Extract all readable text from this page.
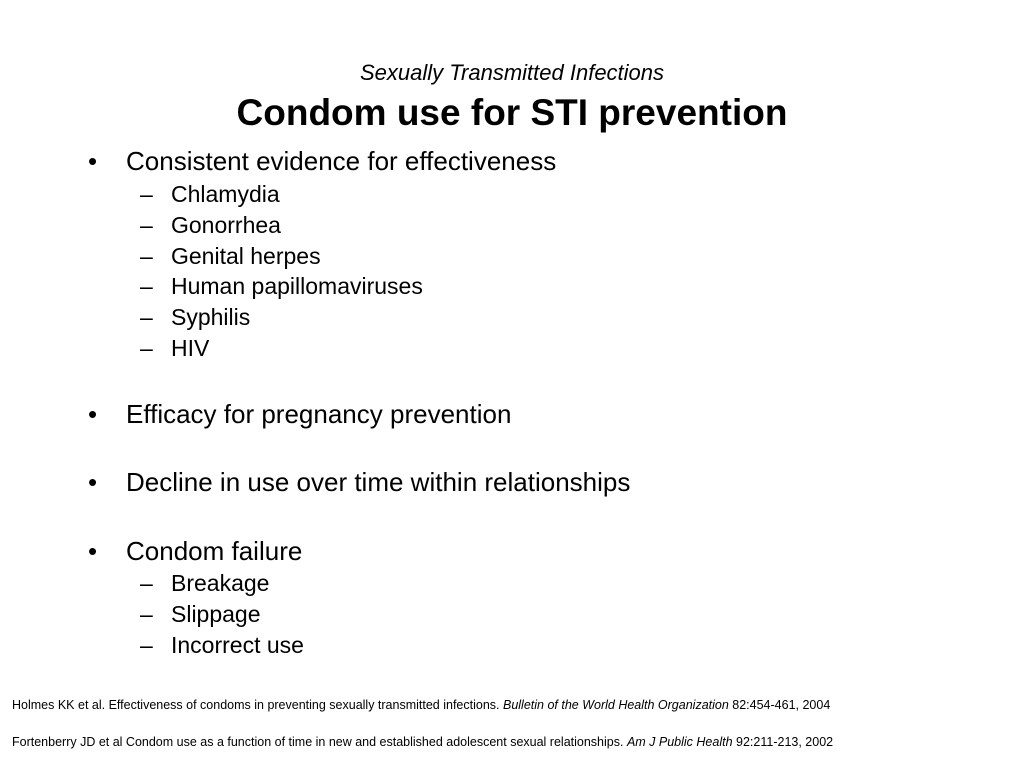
Sexually Transmitted Infections
Condom use for STI prevention
• Consistent evidence for effectiveness
– Chlamydia
– Gonorrhea
– Genital herpes
– Human papillomaviruses
– Syphilis
– HIV
• Efficacy for pregnancy prevention
• Decline in use over time within relationships
• Condom failure
– Breakage
– Slippage
– Incorrect use
Holmes KK et al. Effectiveness of condoms in preventing sexually transmitted infections. Bulletin of the World Health Organization 82:454-461, 2004
Fortenberry JD et al Condom use as a function of time in new and established adolescent sexual relationships. Am J Public Health 92:211-213, 2002
